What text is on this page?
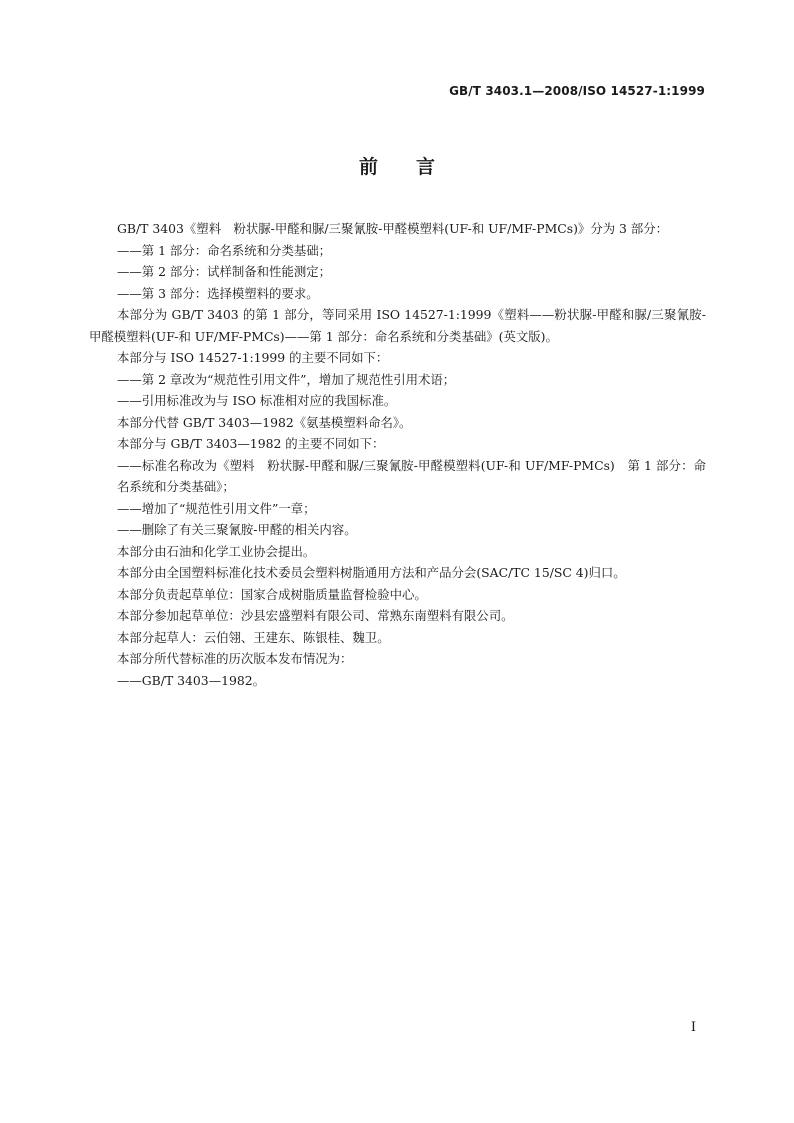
GB/T 3403.1—2008/ISO 14527-1:1999
前言

GB/T 3403《塑料　粉状脲-甲醛和脲/三聚氰胺-甲醛模塑料(UF-和 UF/MF-PMCs)》分为 3 部分：

——第 1 部分：命名系统和分类基础；

——第 2 部分：试样制备和性能测定；

——第 3 部分：选择模塑料的要求。

本部分为 GB/T 3403 的第 1 部分，等同采用 ISO 14527-1:1999《塑料——粉状脲-甲醛和脲/三聚氰胺-甲醛模塑料(UF-和 UF/MF-PMCs)——第 1 部分：命名系统和分类基础》(英文版)。

本部分与 ISO 14527-1:1999 的主要不同如下：

——第 2 章改为“规范性引用文件”，增加了规范性引用术语；

——引用标准改为与 ISO 标准相对应的我国标准。

本部分代替 GB/T 3403—1982《氨基模塑料命名》。

本部分与 GB/T 3403—1982 的主要不同如下：

——标准名称改为《塑料　粉状脲-甲醛和脲/三聚氰胺-甲醛模塑料(UF-和 UF/MF-PMCs)　第 1 部分：命名系统和分类基础》；

——增加了“规范性引用文件”一章；

——删除了有关三聚氰胺-甲醛的相关内容。

本部分由石油和化学工业协会提出。

本部分由全国塑料标准化技术委员会塑料树脂通用方法和产品分会(SAC/TC 15/SC 4)归口。

本部分负责起草单位：国家合成树脂质量监督检验中心。

本部分参加起草单位：沙县宏盛塑料有限公司、常熟东南塑料有限公司。

本部分起草人：云伯翎、王建东、陈银桂、魏卫。

本部分所代替标准的历次版本发布情况为：

——GB/T 3403—1982。

I
